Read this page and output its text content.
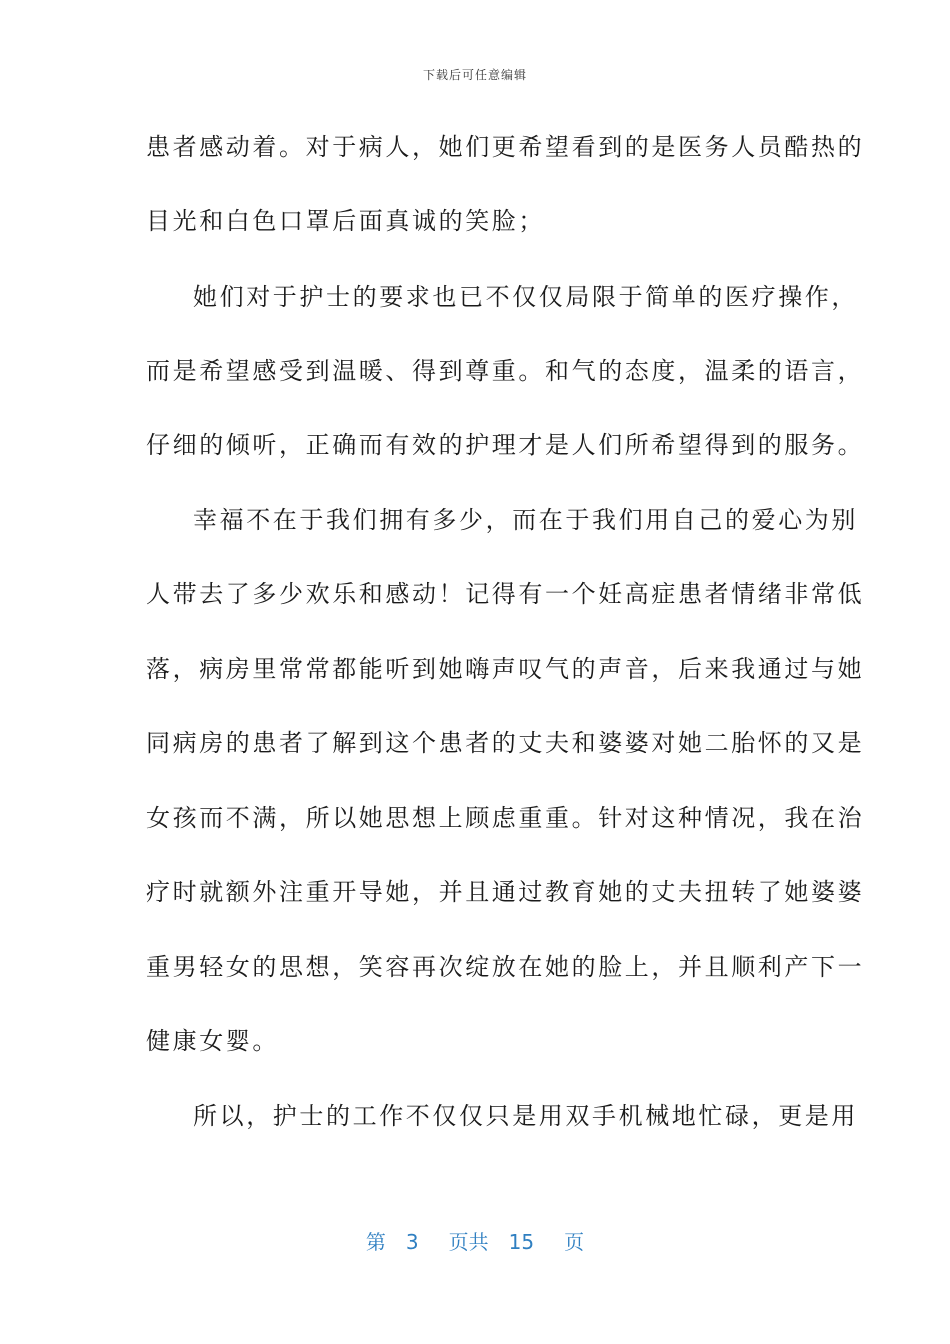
下载后可任意编辑
患者感动着。对于病人，她们更希望看到的是医务人员酷热的
目光和白色口罩后面真诚的笑脸；
她们对于护士的要求也已不仅仅局限于简单的医疗操作，
而是希望感受到温暖、得到尊重。和气的态度，温柔的语言，
仔细的倾听，正确而有效的护理才是人们所希望得到的服务。
幸福不在于我们拥有多少，而在于我们用自己的爱心为别
人带去了多少欢乐和感动！记得有一个妊高症患者情绪非常低
落，病房里常常都能听到她嗨声叹气的声音，后来我通过与她
同病房的患者了解到这个患者的丈夫和婆婆对她二胎怀的又是
女孩而不满，所以她思想上顾虑重重。针对这种情况，我在治
疗时就额外注重开导她，并且通过教育她的丈夫扭转了她婆婆
重男轻女的思想，笑容再次绽放在她的脸上，并且顺利产下一
健康女婴。
所以，护士的工作不仅仅只是用双手机械地忙碌，更是用
第 3 页共 15 页
